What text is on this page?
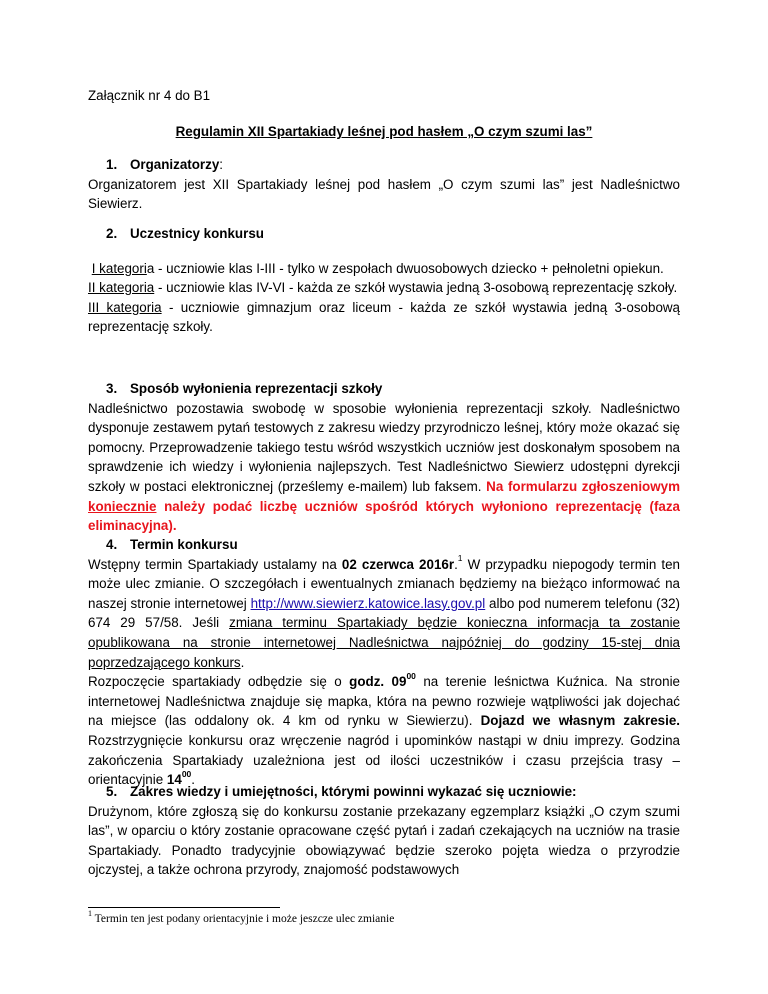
Załącznik nr 4 do B1

Regulamin XII Spartakiady leśnej pod hasłem „O czym szumi las”

1. Organizatorzy:

Organizatorem jest XII Spartakiady leśnej pod hasłem „O czym szumi las” jest Nadleśnictwo Siewierz.

2. Uczestnicy konkursu

I kategoria - uczniowie klas I-III - tylko w zespołach dwuosobowych dziecko + pełnoletni opiekun.

II kategoria - uczniowie klas IV-VI - każda ze szkół wystawia jedną 3-osobową reprezentację szkoły.

III kategoria - uczniowie gimnazjum oraz liceum - każda ze szkół wystawia jedną 3-osobową reprezentację szkoły.

3. Sposób wyłonienia reprezentacji szkoły

Nadleśnictwo pozostawia swobodę w sposobie wyłonienia reprezentacji szkoły. Nadleśnictwo dysponuje zestawem pytań testowych z zakresu wiedzy przyrodniczo leśnej, który może okazać się pomocny. Przeprowadzenie takiego testu wśród wszystkich uczniów jest doskonałym sposobem na sprawdzenie ich wiedzy i wyłonienia najlepszych. Test Nadleśnictwo Siewierz udostępni dyrekcji szkoły w postaci elektronicznej (prześlemy e-mailem) lub faksem. Na formularzu zgłoszeniowym koniecznie należy podać liczbę uczniów spośród których wyłoniono reprezentację (faza eliminacyjna).

4. Termin konkursu

Wstępny termin Spartakiady ustalamy na 02 czerwca 2016r.$^1$ W przypadku niepogody termin ten może ulec zmianie. O szczegółach i ewentualnych zmianach będziemy na bieżąco informować na naszej stronie internetowej http://www.siewierz.katowice.lasy.gov.pl albo pod numerem telefonu (32) 674 29 57/58. Jeśli zmiana terminu Spartakiady będzie konieczna informacja ta zostanie opublikowana na stronie internetowej Nadleśnictwa najpóźniej do godziny 15-stej dnia poprzedzającego konkurs.

Rozpoczęcie spartakiady odbędzie się o godz. $09^{00}$ na terenie leśnictwa Kuźnica. Na stronie internetowej Nadleśnictwa znajduje się mapka, która na pewno rozwieje wątpliwości jak dojechać na miejsce (las oddalony ok. 4 km od rynku w Siewierzu). Dojazd we własnym zakresie. Rozstrzygnięcie konkursu oraz wręczenie nagród i upominków nastąpi w dniu imprezy. Godzina zakończenia Spartakiady uzależniona jest od ilości uczestników i czasu przejścia trasy – orientacyjnie $14^{00}$.

5. Zakres wiedzy i umiejętności, którymi powinni wykazać się uczniowie:

Drużynom, które zgłoszą się do konkursu zostanie przekazany egzemplarz książki „O czym szumi las”, w oparciu o który zostanie opracowane część pytań i zadań czekających na uczniów na trasie Spartakiady. Ponadto tradycyjnie obowiązywać będzie szeroko pojęta wiedza o przyrodzie ojczystej, a także ochrona przyrody, znajomość podstawowych

$^1$ Termin ten jest podany orientacyjnie i może jeszcze ulec zmianie
